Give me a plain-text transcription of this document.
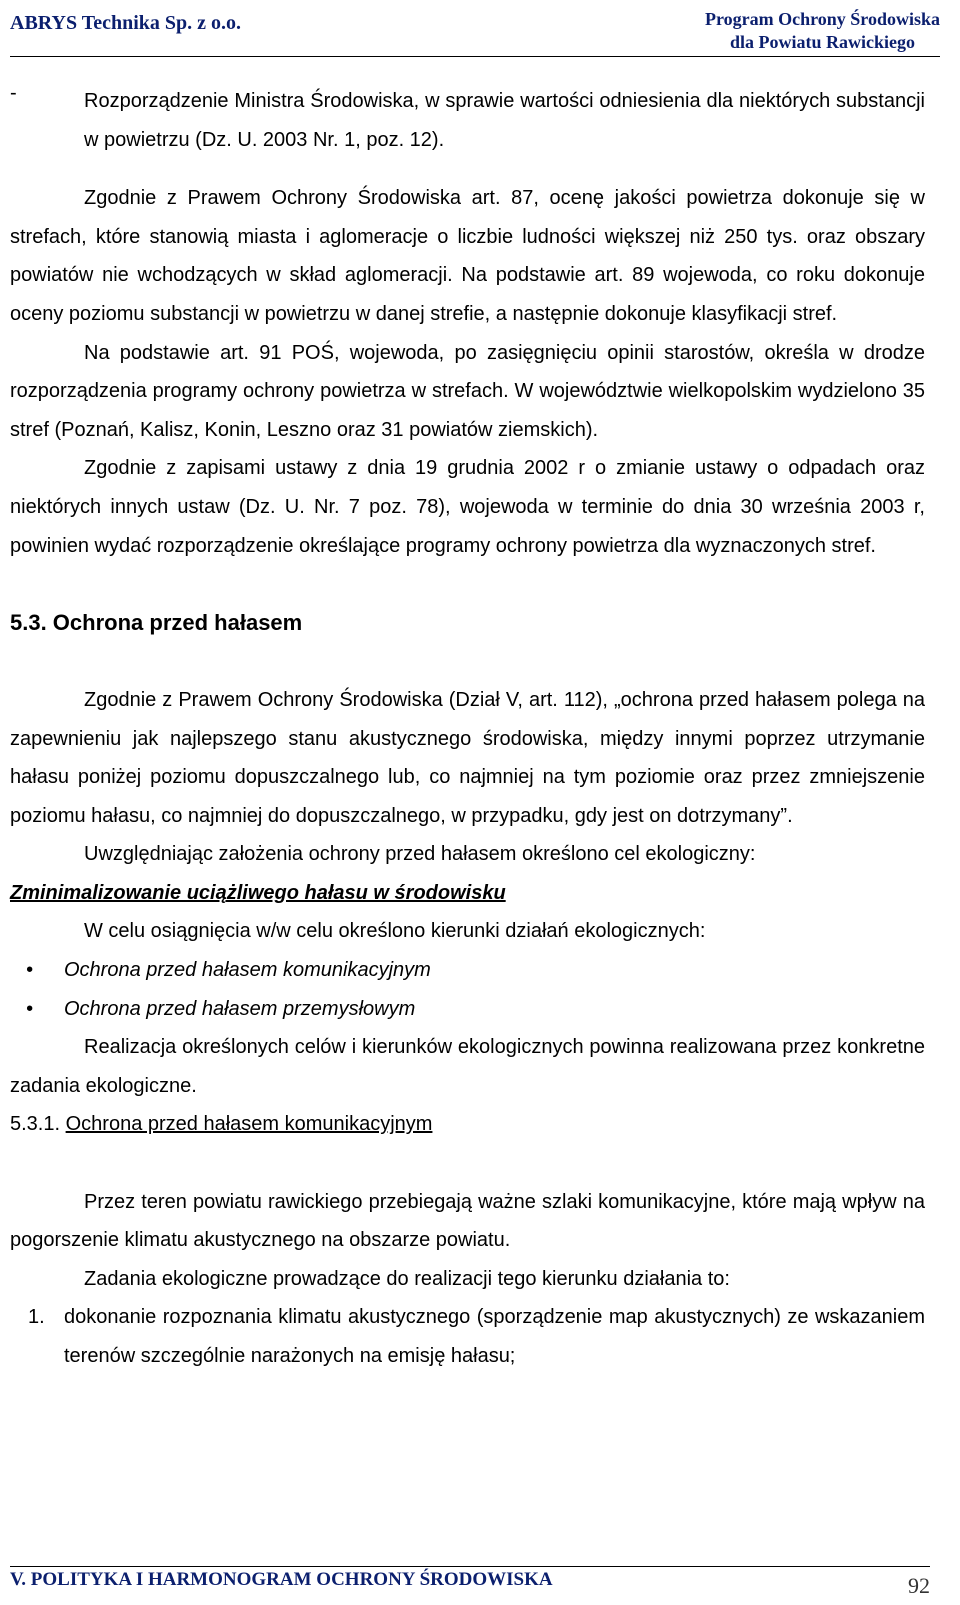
ABRYS Technika Sp. z o.o.	Program Ochrony Środowiska
dla Powiatu Rawickiego
-	Rozporządzenie Ministra Środowiska, w sprawie wartości odniesienia dla niektórych substancji w powietrzu (Dz. U. 2003 Nr. 1, poz. 12).

Zgodnie z Prawem Ochrony Środowiska art. 87, ocenę jakości powietrza dokonuje się w strefach, które stanowią miasta i aglomeracje o liczbie ludności większej niż 250 tys. oraz obszary powiatów nie wchodzących w skład aglomeracji. Na podstawie art. 89 wojewoda, co roku dokonuje oceny poziomu substancji w powietrzu w danej strefie, a następnie dokonuje klasyfikacji stref.

Na podstawie art. 91 POŚ, wojewoda, po zasięgnięciu opinii starostów, określa w drodze rozporządzenia programy ochrony powietrza w strefach. W województwie wielkopolskim wydzielono 35 stref (Poznań, Kalisz, Konin, Leszno oraz 31 powiatów ziemskich).

Zgodnie z zapisami ustawy z dnia 19 grudnia 2002 r o zmianie ustawy o odpadach oraz niektórych innych ustaw (Dz. U. Nr. 7 poz. 78), wojewoda w terminie do dnia 30 września 2003 r, powinien wydać rozporządzenie określające programy ochrony powietrza dla wyznaczonych stref.

5.3. Ochrona przed hałasem

Zgodnie z Prawem Ochrony Środowiska (Dział V, art. 112), „ochrona przed hałasem polega na zapewnieniu jak najlepszego stanu akustycznego środowiska, między innymi poprzez utrzymanie hałasu poniżej poziomu dopuszczalnego lub, co najmniej na tym poziomie oraz przez zmniejszenie poziomu hałasu, co najmniej do dopuszczalnego, w przypadku, gdy jest on dotrzymany”.

Uwzględniając założenia ochrony przed hałasem określono cel ekologiczny:

Zminimalizowanie uciążliwego hałasu w środowisku

W celu osiągnięcia w/w celu określono kierunki działań ekologicznych:

•	Ochrona przed hałasem komunikacyjnym
•	Ochrona przed hałasem przemysłowym

Realizacja określonych celów i kierunków ekologicznych powinna realizowana przez konkretne zadania ekologiczne.

5.3.1. Ochrona przed hałasem komunikacyjnym

Przez teren powiatu rawickiego przebiegają ważne szlaki komunikacyjne, które mają wpływ na pogorszenie klimatu akustycznego na obszarze powiatu.

Zadania ekologiczne prowadzące do realizacji tego kierunku działania to:

1. dokonanie rozpoznania klimatu akustycznego (sporządzenie map akustycznych) ze wskazaniem terenów szczególnie narażonych na emisję hałasu;
V. POLITYKA I HARMONOGRAM OCHRONY ŚRODOWISKA	92
